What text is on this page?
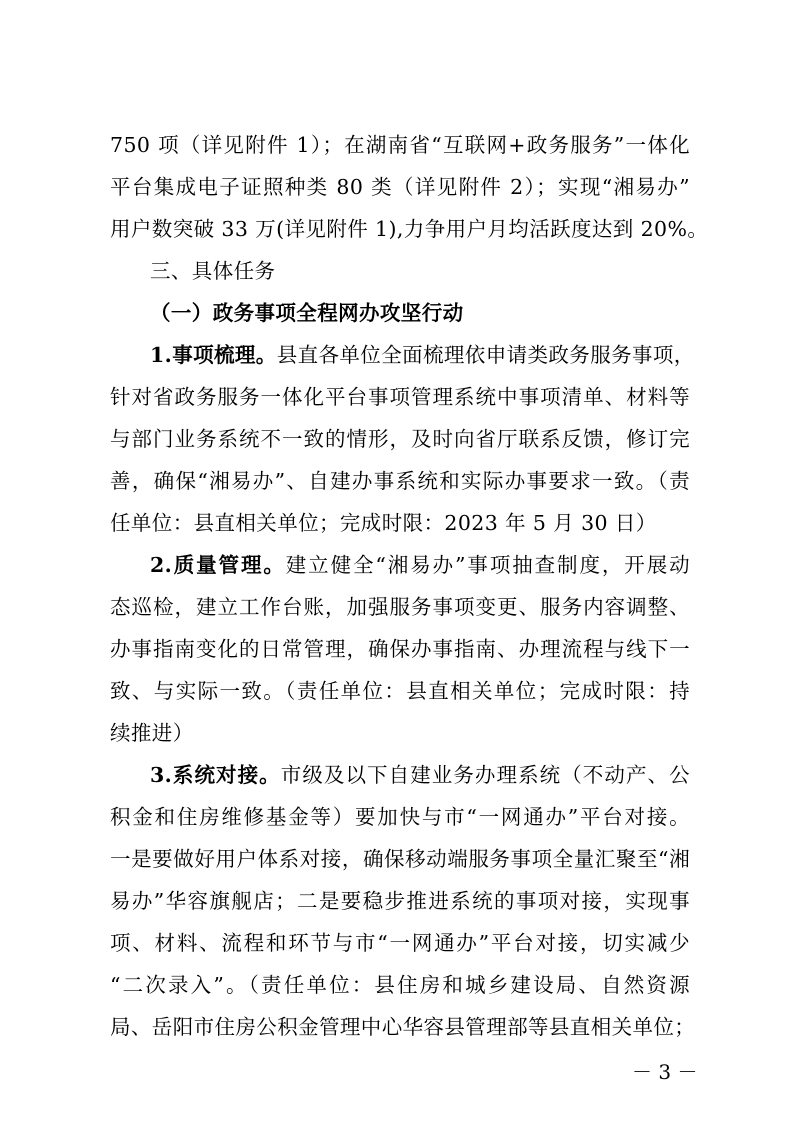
750 项（详见附件 1）；在湖南省“互联网+政务服务”一体化
平台集成电子证照种类 80 类（详见附件 2）；实现“湘易办”
用户数突破 33 万(详见附件 1),力争用户月均活跃度达到 20%。
三、具体任务
（一）政务事项全程网办攻坚行动
1.事项梳理。县直各单位全面梳理依申请类政务服务事项，
针对省政务服务一体化平台事项管理系统中事项清单、材料等
与部门业务系统不一致的情形，及时向省厅联系反馈，修订完
善，确保“湘易办”、自建办事系统和实际办事要求一致。（责
任单位：县直相关单位；完成时限：2023 年 5 月 30 日）
2.质量管理。建立健全“湘易办”事项抽查制度，开展动
态巡检，建立工作台账，加强服务事项变更、服务内容调整、
办事指南变化的日常管理，确保办事指南、办理流程与线下一
致、与实际一致。（责任单位：县直相关单位；完成时限：持
续推进）
3.系统对接。市级及以下自建业务办理系统（不动产、公
积金和住房维修基金等）要加快与市“一网通办”平台对接。
一是要做好用户体系对接，确保移动端服务事项全量汇聚至“湘
易办”华容旗舰店；二是要稳步推进系统的事项对接，实现事
项、材料、流程和环节与市“一网通办”平台对接，切实减少
“二次录入”。（责任单位：县住房和城乡建设局、自然资源
局、岳阳市住房公积金管理中心华容县管理部等县直相关单位；
－ 3 －
